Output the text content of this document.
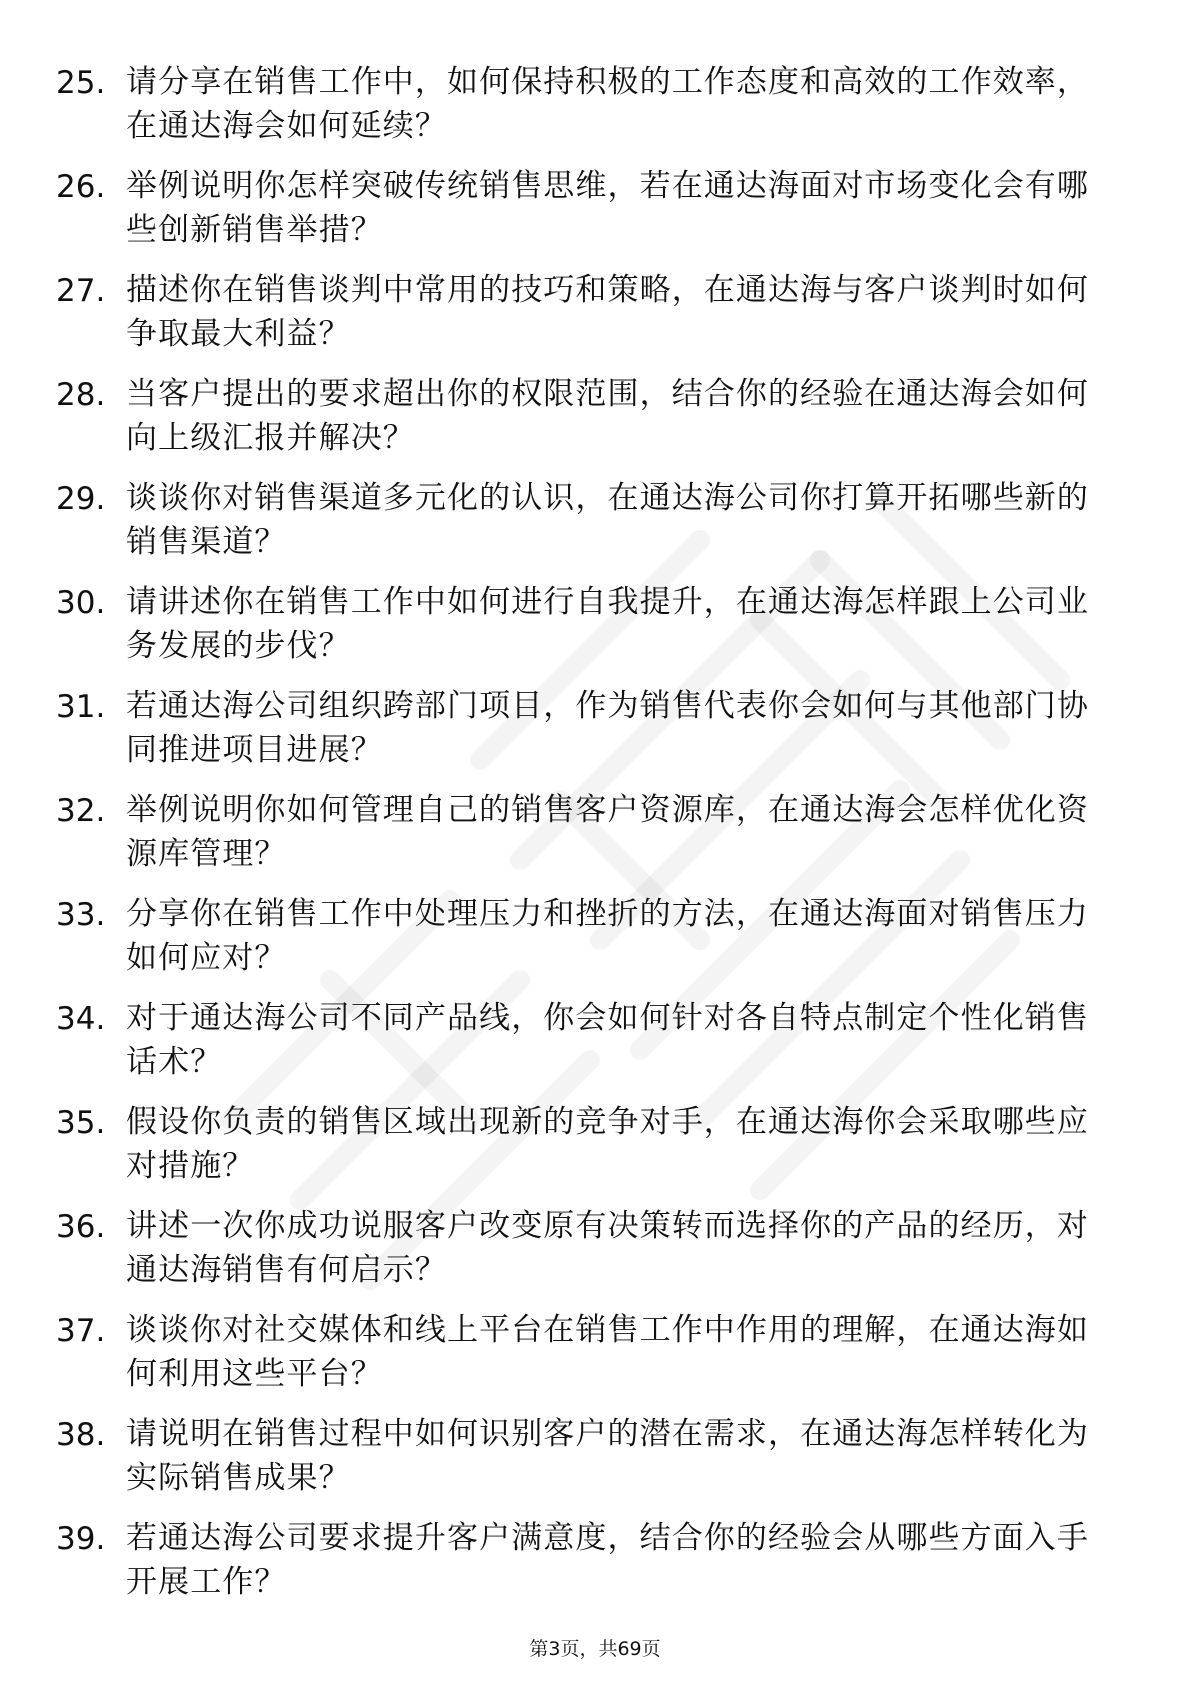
25. 请分享在销售工作中，如何保持积极的工作态度和高效的工作效率，在通达海会如何延续？
26. 举例说明你怎样突破传统销售思维，若在通达海面对市场变化会有哪些创新销售举措？
27. 描述你在销售谈判中常用的技巧和策略，在通达海与客户谈判时如何争取最大利益？
28. 当客户提出的要求超出你的权限范围，结合你的经验在通达海会如何向上级汇报并解决？
29. 谈谈你对销售渠道多元化的认识，在通达海公司你打算开拓哪些新的销售渠道？
30. 请讲述你在销售工作中如何进行自我提升，在通达海怎样跟上公司业务发展的步伐？
31. 若通达海公司组织跨部门项目，作为销售代表你会如何与其他部门协同推进项目进展？
32. 举例说明你如何管理自己的销售客户资源库，在通达海会怎样优化资源库管理？
33. 分享你在销售工作中处理压力和挫折的方法，在通达海面对销售压力如何应对？
34. 对于通达海公司不同产品线，你会如何针对各自特点制定个性化销售话术？
35. 假设你负责的销售区域出现新的竞争对手，在通达海你会采取哪些应对措施？
36. 讲述一次你成功说服客户改变原有决策转而选择你的产品的经历，对通达海销售有何启示？
37. 谈谈你对社交媒体和线上平台在销售工作中作用的理解，在通达海如何利用这些平台？
38. 请说明在销售过程中如何识别客户的潜在需求，在通达海怎样转化为实际销售成果？
39. 若通达海公司要求提升客户满意度，结合你的经验会从哪些方面入手开展工作？
第3页，共69页
